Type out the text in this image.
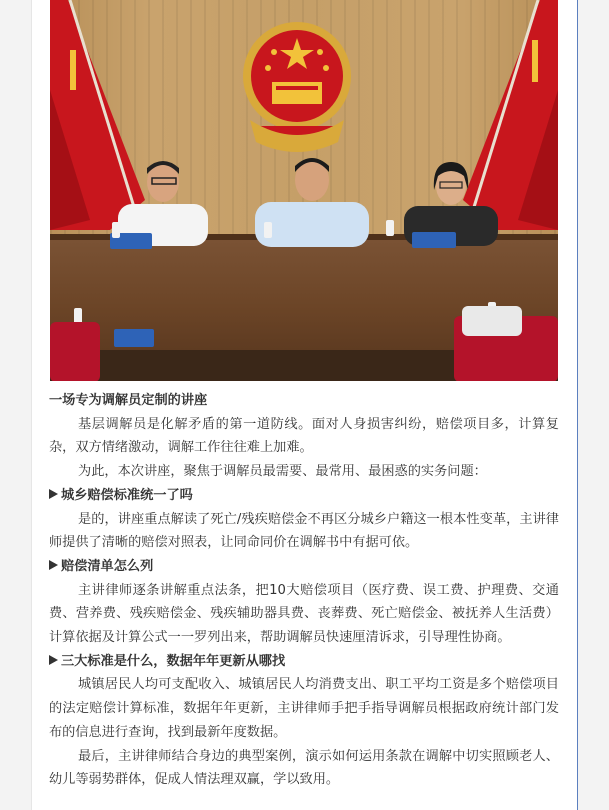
一场专为调解员定制的讲座

基层调解员是化解矛盾的第一道防线。面对人身损害纠纷，赔偿项目多，计算复杂，双方情绪激动，调解工作往往难上加难。

为此，本次讲座，聚焦于调解员最需要、最常用、最困惑的实务问题：

城乡赔偿标准统一了吗

是的，讲座重点解读了死亡/残疾赔偿金不再区分城乡户籍这一根本性变革，主讲律师提供了清晰的赔偿对照表，让同命同价在调解书中有据可依。

赔偿清单怎么列

主讲律师逐条讲解重点法条，把10大赔偿项目（医疗费、误工费、护理费、交通费、营养费、残疾赔偿金、残疾辅助器具费、丧葬费、死亡赔偿金、被抚养人生活费）计算依据及计算公式一一罗列出来，帮助调解员快速厘清诉求，引导理性协商。

三大标准是什么，数据年年更新从哪找

城镇居民人均可支配收入、城镇居民人均消费支出、职工平均工资是多个赔偿项目的法定赔偿计算标准，数据年年更新，主讲律师手把手指导调解员根据政府统计部门发布的信息进行查询，找到最新年度数据。

最后，主讲律师结合身边的典型案例，演示如何运用条款在调解中切实照顾老人、幼儿等弱势群体，促成人情法理双赢，学以致用。
